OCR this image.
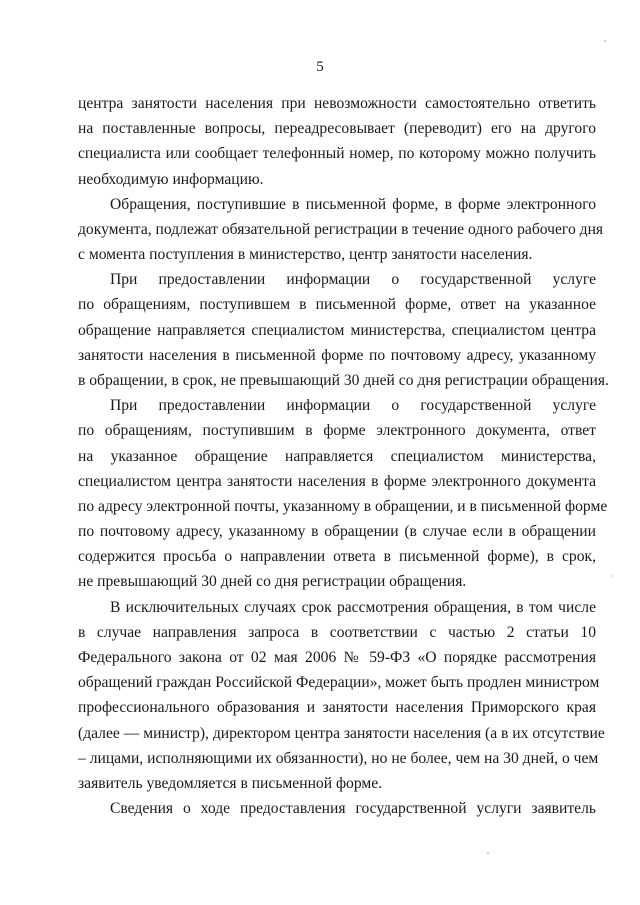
5
центра занятости населения при невозможности самостоятельно ответить
на поставленные вопросы, переадресовывает (переводит) его на другого
специалиста или сообщает телефонный номер, по которому можно получить
необходимую информацию.
Обращения, поступившие в письменной форме, в форме электронного
документа, подлежат обязательной регистрации в течение одного рабочего дня
с момента поступления в министерство, центр занятости населения.
При предоставлении информации о государственной услуге
по обращениям, поступившем в письменной форме, ответ на указанное
обращение направляется специалистом министерства, специалистом центра
занятости населения в письменной форме по почтовому адресу, указанному
в обращении, в срок, не превышающий 30 дней со дня регистрации обращения.
При предоставлении информации о государственной услуге
по обращениям, поступившим в форме электронного документа, ответ
на указанное обращение направляется специалистом министерства,
специалистом центра занятости населения в форме электронного документа
по адресу электронной почты, указанному в обращении, и в письменной форме
по почтовому адресу, указанному в обращении (в случае если в обращении
содержится просьба о направлении ответа в письменной форме), в срок,
не превышающий 30 дней со дня регистрации обращения.
В исключительных случаях срок рассмотрения обращения, в том числе
в случае направления запроса в соответствии с частью 2 статьи 10
Федерального закона от 02 мая 2006 № 59-ФЗ «О порядке рассмотрения
обращений граждан Российской Федерации», может быть продлен министром
профессионального образования и занятости населения Приморского края
(далее — министр), директором центра занятости населения (а в их отсутствие
– лицами, исполняющими их обязанности), но не более, чем на 30 дней, о чем
заявитель уведомляется в письменной форме.
Сведения о ходе предоставления государственной услуги заявитель
